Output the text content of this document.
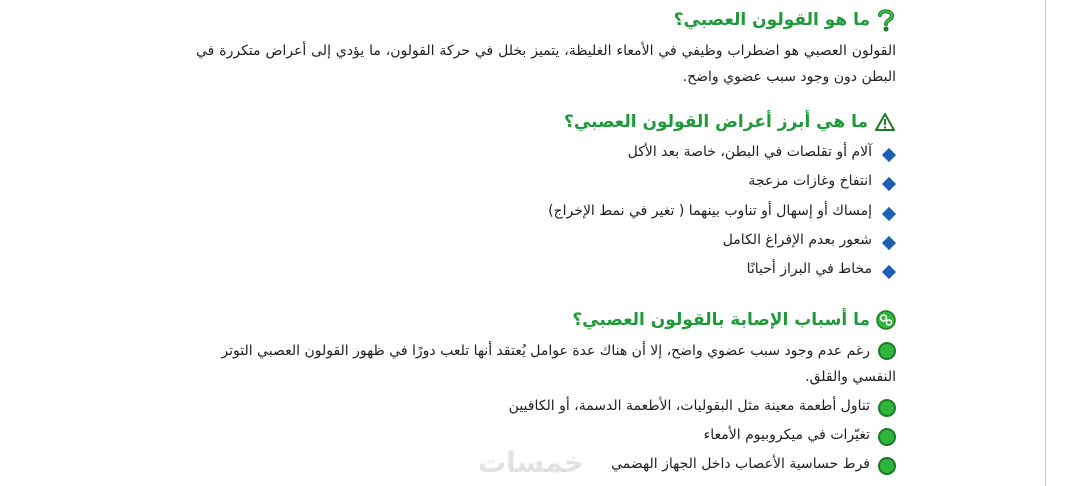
ما هو القولون العصبي؟
القولون العصبي هو اضطراب وظيفي في الأمعاء الغليظة، يتميز بخلل في حركة القولون، ما يؤدي إلى أعراض متكررة في البطن دون وجود سبب عضوي واضح.
ما هي أبرز أعراض القولون العصبي؟
آلام أو تقلصات في البطن، خاصة بعد الأكل
انتفاخ وغازات مزعجة
إمساك أو إسهال أو تناوب بينهما ( تغير في نمط الإخراج)
شعور بعدم الإفراغ الكامل
مخاط في البراز أحيانًا
ما أسباب الإصابة بالقولون العصبي؟
رغم عدم وجود سبب عضوي واضح، إلا أن هناك عدة عوامل يُعتقد أنها تلعب دورًا في ظهور القولون العصبي التوتر النفسي والقلق.
تناول أطعمة معينة مثل البقوليات، الأطعمة الدسمة، أو الكافيين
تغيّرات في ميكروبيوم الأمعاء
فرط حساسية الأعصاب داخل الجهاز الهضمي
خمسات
